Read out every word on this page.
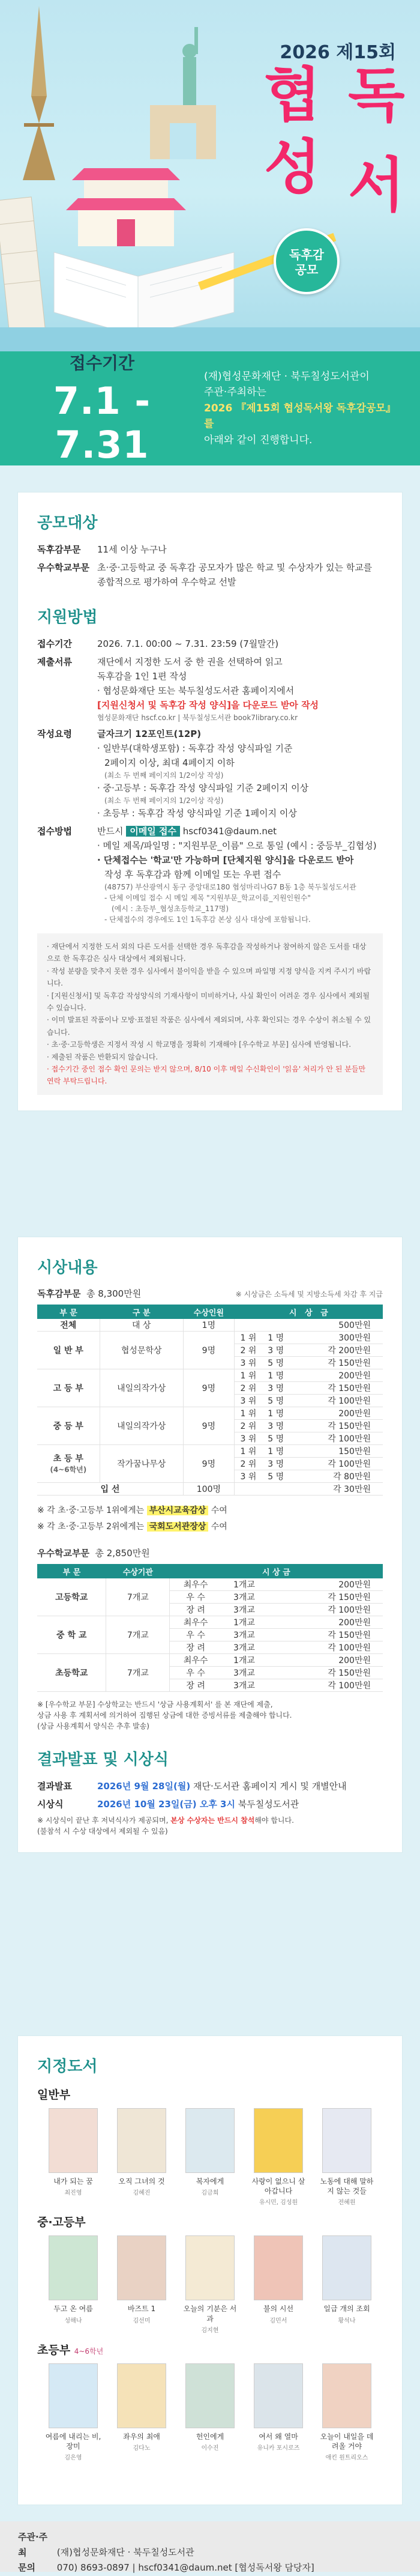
2026 제15회
협 독
성 서
독후감
공모
접수기간
7.1 - 7.31
(재)협성문화재단 · 북두칠성도서관이
주관·주최하는
2026 『제15회 협성독서왕 독후감공모』를
아래와 같이 진행합니다.
공모대상
독후감부문	11세 이상 누구나
우수학교부문 초·중·고등학교 중 독후감 공모자가 많은 학교 및 수상자가 있는 학교를 종합적으로 평가하여 우수학교 선발
지원방법
접수기간	2026. 7.1. 00:00 ~ 7.31. 23:59 (7월말간)
제출서류	재단에서 지정한 도서 중 한 권을 선택하여 읽고
독후감을 1인 1편 작성
· 협성문화재단 또는 북두칠성도서관 홈페이지에서
[지원신청서 및 독후감 작성 양식]을 다운로드 받아 작성
협성문화재단 hscf.co.kr | 북두칠성도서관 book7library.co.kr
작성요령	글자크기 12포인트(12P)
· 일반부(대학생포함) : 독후감 작성 양식파일 기준
2페이지 이상, 최대 4페이지 이하
(최소 두 번째 페이지의 1/2이상 작성)
· 중·고등부 : 독후감 작성 양식파일 기준 2페이지 이상
(최소 두 번째 페이지의 1/2이상 작성)
· 초등부 : 독후감 작성 양식파일 기준 1페이지 이상
접수방법	반드시 이메일 접수 hscf0341@daum.net
· 메일 제목/파일명 : "지원부문_이름" 으로 통일 (예시 : 중등부_김협성)
· 단체접수는 '학교'만 가능하며 [단체지원 양식]을 다운로드 받아
작성 후 독후감과 함께 이메일 또는 우편 접수
(48757) 부산광역시 동구 중앙대로180 협성마리나G7 B동 1층 북두칠성도서관
- 단체 이메일 접수 시 메일 제목 "지원부문_학교이름_지원인원수"
(예시 : 초등부_협성초등학교_117명)
- 단체접수의 경우에도 1인 1독후감 본상 심사 대상에 포함됩니다.
· 재단에서 지정한 도서 외의 다른 도서를 선택한 경우 독후감을 작성하거나 참여하지 않은 도서를 대상으로 한 독후감은 심사 대상에서 제외됩니다.
· 작성 분량을 맞추지 못한 경우 심사에서 불이익을 받을 수 있으며 파일명 지정 양식을 지켜 주시기 바랍니다.
· [지원신청서] 및 독후감 작성양식의 기재사항이 미비하거나, 사실 확인이 어려운 경우 심사에서 제외될 수 있습니다.
· 이미 발표된 작품이나 모방·표절된 작품은 심사에서 제외되며, 사후 확인되는 경우 수상이 취소될 수 있습니다.
· 초·중·고등학생은 지정서 작성 시 학교명을 정확히 기재해야 [우수학교 부문] 심사에 반영됩니다.
· 제출된 작품은 반환되지 않습니다.
· 접수기간 중인 접수 확인 문의는 받지 않으며, 8/10 이후 메일 수신확인이 '읽음' 처리가 안 된 분들만 연락 부탁드립니다.
시상내용
독후감부문 총 8,300만원	※ 시상금은 소득세 및 지방소득세 차감 후 지급
부 문	구 분	수상인원	시 상 금		
전체	대 상	1명	500만원		
일 반 부	협성문학상	9명	1 위	1 명	300만원
			2 위	3 명	각 200만원
			3 위	5 명	각 150만원
고 등 부	내일의작가상	9명	1 위	1 명	200만원
			2 위	3 명	각 150만원
			3 위	5 명	각 100만원
중 등 부	내일의작가상	9명	1 위	1 명	200만원
			2 위	3 명	각 150만원
			3 위	5 명	각 100만원
초 등 부
(4~6학년)	작가꿈나무상	9명	1 위	1 명	150만원
			2 위	3 명	각 100만원
			3 위	5 명	각 80만원
입 선		100명	각 30만원		
※ 각 초·중·고등부 1위에게는 부산시교육감상 수여
※ 각 초·중·고등부 2위에게는 국회도서관장상 수여
우수학교부문 총 2,850만원
부 문	수상기관	시 상 금		
고등학교	7개교	최우수	1개교	200만원
		우 수	3개교	각 150만원
		장 려	3개교	각 100만원
중 학 교	7개교	최우수	1개교	200만원
		우 수	3개교	각 150만원
		장 려	3개교	각 100만원
초등학교	7개교	최우수	1개교	200만원
		우 수	3개교	각 150만원
		장 려	3개교	각 100만원
※ [우수학교 부문] 수상학교는 반드시 '상금 사용계획서' 를 본 재단에 제출,
상금 사용 후 계획서에 의거하여 집행된 상금에 대한 증빙서류를 제출해야 합니다.
(상금 사용계획서 양식은 추후 발송)
결과발표 및 시상식
결과발표	2026년 9월 28일(월) 재단·도서관 홈페이지 게시 및 개별안내
시상식	2026년 10월 23일(금) 오후 3시 북두칠성도서관
※ 시상식이 끝난 후 저녁식사가 제공되며, 본상 수상자는 반드시 참석해야 합니다.
(불참석 시 수상 대상에서 제외될 수 있음)
지정도서
일반부
내가 되는 꿈
최진영
오직 그녀의 것
김혜진
복자에게
김금희
사랑이 없으니 살아갑니다
유시민, 김성원
노동에 대해 말하지 않는 것들
전혜원
중·고등부
두고 온 여름
성해나
바즈트 1
김선미
오늘의 기분은 서과
김지현
불의 시선
김민서
일급 개의 조회
황석나
초등부 4~6학년
여름에 내리는 비, 장미
김은영
좌우의 최애
김다노
헌인에게
이수진
여서 왜 열마
유니카 포시로즈
오늘이 내일을 데려올 거야
애킨 원트리오스
주관·주최	(재)협성문화재단 · 북두칠성도서관
문의 070) 8693-0897 | hscf0341@daum.net [협성독서왕 담당자]
